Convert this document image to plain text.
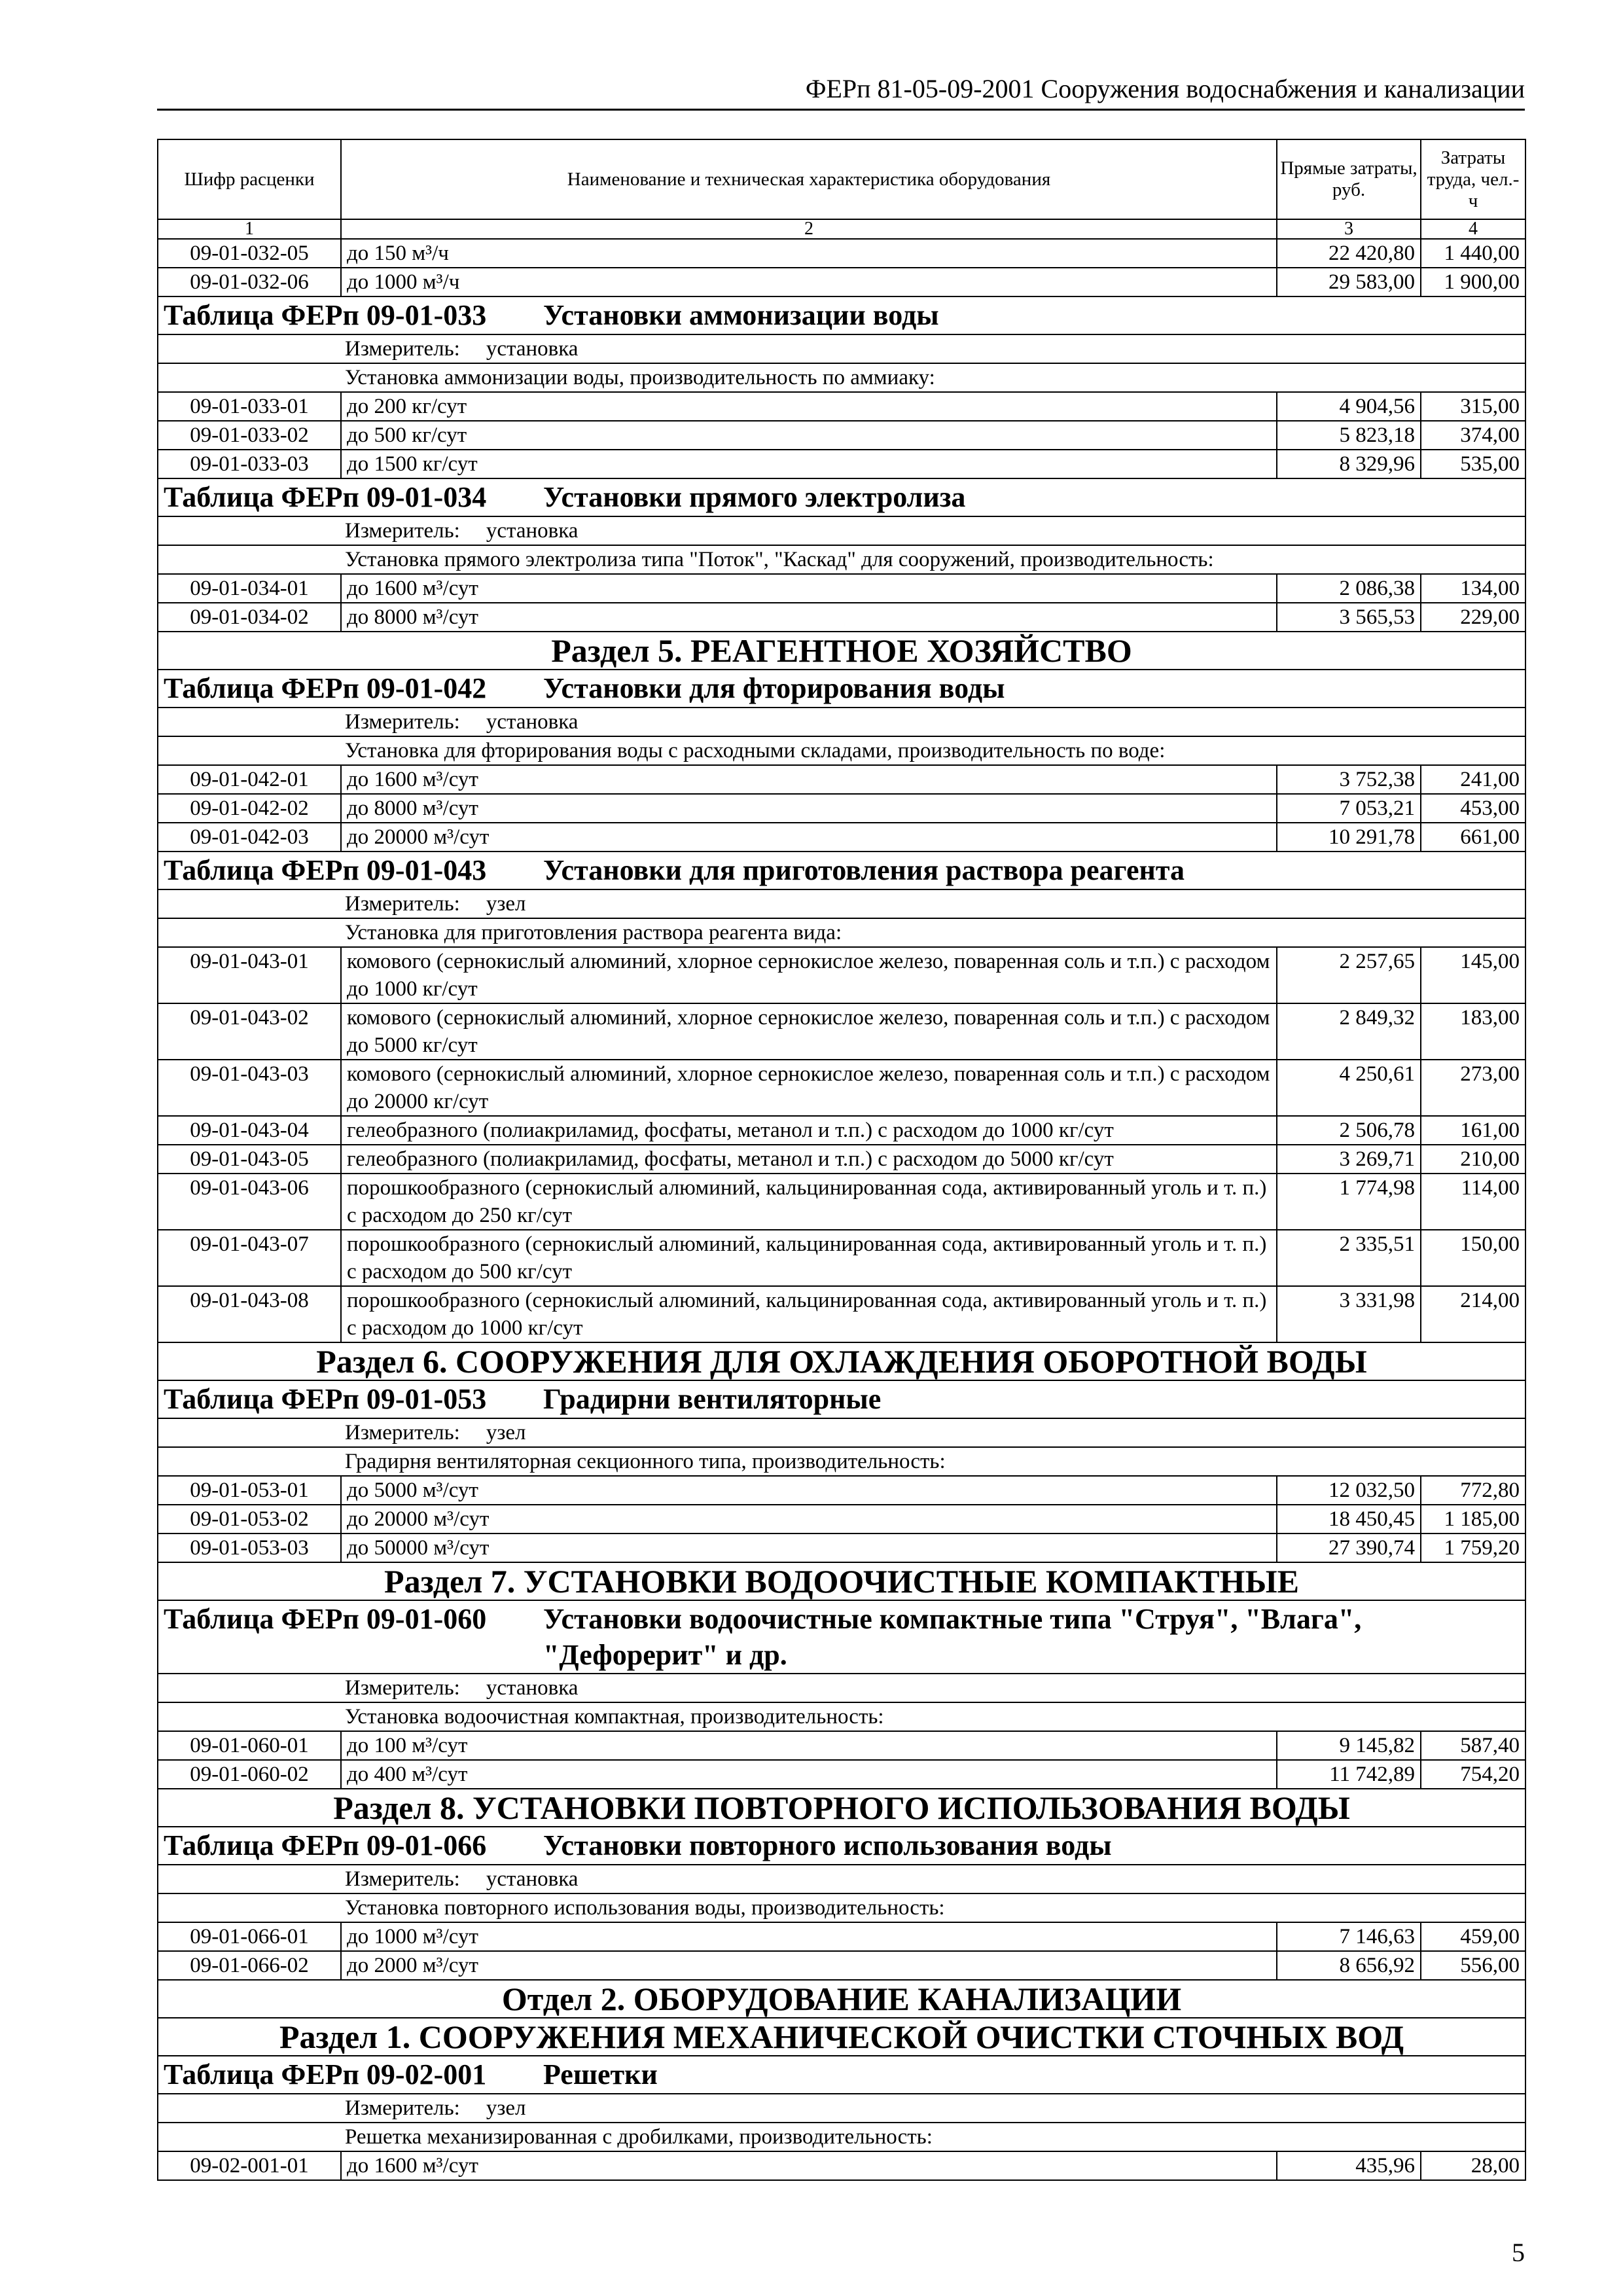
ФЕРп 81-05-09-2001 Сооружения водоснабжения и канализации
Шифр расценки	Наименование и техническая характеристика оборудования	Прямые затраты, руб.	Затраты труда, чел.-ч
1	2	3	4
09-01-032-05	до 150 м³/ч	22 420,80	1 440,00
09-01-032-06	до 1000 м³/ч	29 583,00	1 900,00
Таблица ФЕРп 09-01-033 Установки аммонизации воды			
Измеритель: установка			
Установка аммонизации воды, производительность по аммиаку:			
09-01-033-01	до 200 кг/сут	4 904,56	315,00
09-01-033-02	до 500 кг/сут	5 823,18	374,00
09-01-033-03	до 1500 кг/сут	8 329,96	535,00
Таблица ФЕРп 09-01-034 Установки прямого электролиза			
Измеритель: установка			
Установка прямого электролиза типа "Поток", "Каскад" для сооружений, производительность:			
09-01-034-01	до 1600 м³/сут	2 086,38	134,00
09-01-034-02	до 8000 м³/сут	3 565,53	229,00
Раздел 5. РЕАГЕНТНОЕ ХОЗЯЙСТВО			
Таблица ФЕРп 09-01-042 Установки для фторирования воды			
Измеритель: установка			
Установка для фторирования воды с расходными складами, производительность по воде:			
09-01-042-01	до 1600 м³/сут	3 752,38	241,00
09-01-042-02	до 8000 м³/сут	7 053,21	453,00
09-01-042-03	до 20000 м³/сут	10 291,78	661,00
Таблица ФЕРп 09-01-043 Установки для приготовления раствора реагента			
Измеритель: узел			
Установка для приготовления раствора реагента вида:			
09-01-043-01	комового (сернокислый алюминий, хлорное сернокислое железо, поваренная соль и т.п.) с расходом до 1000 кг/сут	2 257,65	145,00
09-01-043-02	комового (сернокислый алюминий, хлорное сернокислое железо, поваренная соль и т.п.) с расходом до 5000 кг/сут	2 849,32	183,00
09-01-043-03	комового (сернокислый алюминий, хлорное сернокислое железо, поваренная соль и т.п.) с расходом до 20000 кг/сут	4 250,61	273,00
09-01-043-04	гелеобразного (полиакриламид, фосфаты, метанол и т.п.) с расходом до 1000 кг/сут	2 506,78	161,00
09-01-043-05	гелеобразного (полиакриламид, фосфаты, метанол и т.п.) с расходом до 5000 кг/сут	3 269,71	210,00
09-01-043-06	порошкообразного (сернокислый алюминий, кальцинированная сода, активированный уголь и т. п.) с расходом до 250 кг/сут	1 774,98	114,00
09-01-043-07	порошкообразного (сернокислый алюминий, кальцинированная сода, активированный уголь и т. п.) с расходом до 500 кг/сут	2 335,51	150,00
09-01-043-08	порошкообразного (сернокислый алюминий, кальцинированная сода, активированный уголь и т. п.) с расходом до 1000 кг/сут	3 331,98	214,00
Раздел 6. СООРУЖЕНИЯ ДЛЯ ОХЛАЖДЕНИЯ ОБОРОТНОЙ ВОДЫ			
Таблица ФЕРп 09-01-053 Градирни вентиляторные			
Измеритель: узел			
Градирня вентиляторная секционного типа, производительность:			
09-01-053-01	до 5000 м³/сут	12 032,50	772,80
09-01-053-02	до 20000 м³/сут	18 450,45	1 185,00
09-01-053-03	до 50000 м³/сут	27 390,74	1 759,20
Раздел 7. УСТАНОВКИ ВОДООЧИСТНЫЕ КОМПАКТНЫЕ			

Таблица ФЕРп 09-01-060 Установки водоочистные компактные типа "Струя", "Влага",
"Дефорерит" и др.			

Измеритель: установка			
Установка водоочистная компактная, производительность:			
09-01-060-01	до 100 м³/сут	9 145,82	587,40
09-01-060-02	до 400 м³/сут	11 742,89	754,20
Раздел 8. УСТАНОВКИ ПОВТОРНОГО ИСПОЛЬЗОВАНИЯ ВОДЫ			
Таблица ФЕРп 09-01-066 Установки повторного использования воды			
Измеритель: установка			
Установка повторного использования воды, производительность:			
09-01-066-01	до 1000 м³/сут	7 146,63	459,00
09-01-066-02	до 2000 м³/сут	8 656,92	556,00
Отдел 2. ОБОРУДОВАНИЕ КАНАЛИЗАЦИИ			
Раздел 1. СООРУЖЕНИЯ МЕХАНИЧЕСКОЙ ОЧИСТКИ СТОЧНЫХ ВОД			
Таблица ФЕРп 09-02-001 Решетки			
Измеритель: узел			
Решетка механизированная с дробилками, производительность:			
09-02-001-01	до 1600 м³/сут	435,96	28,00
5
